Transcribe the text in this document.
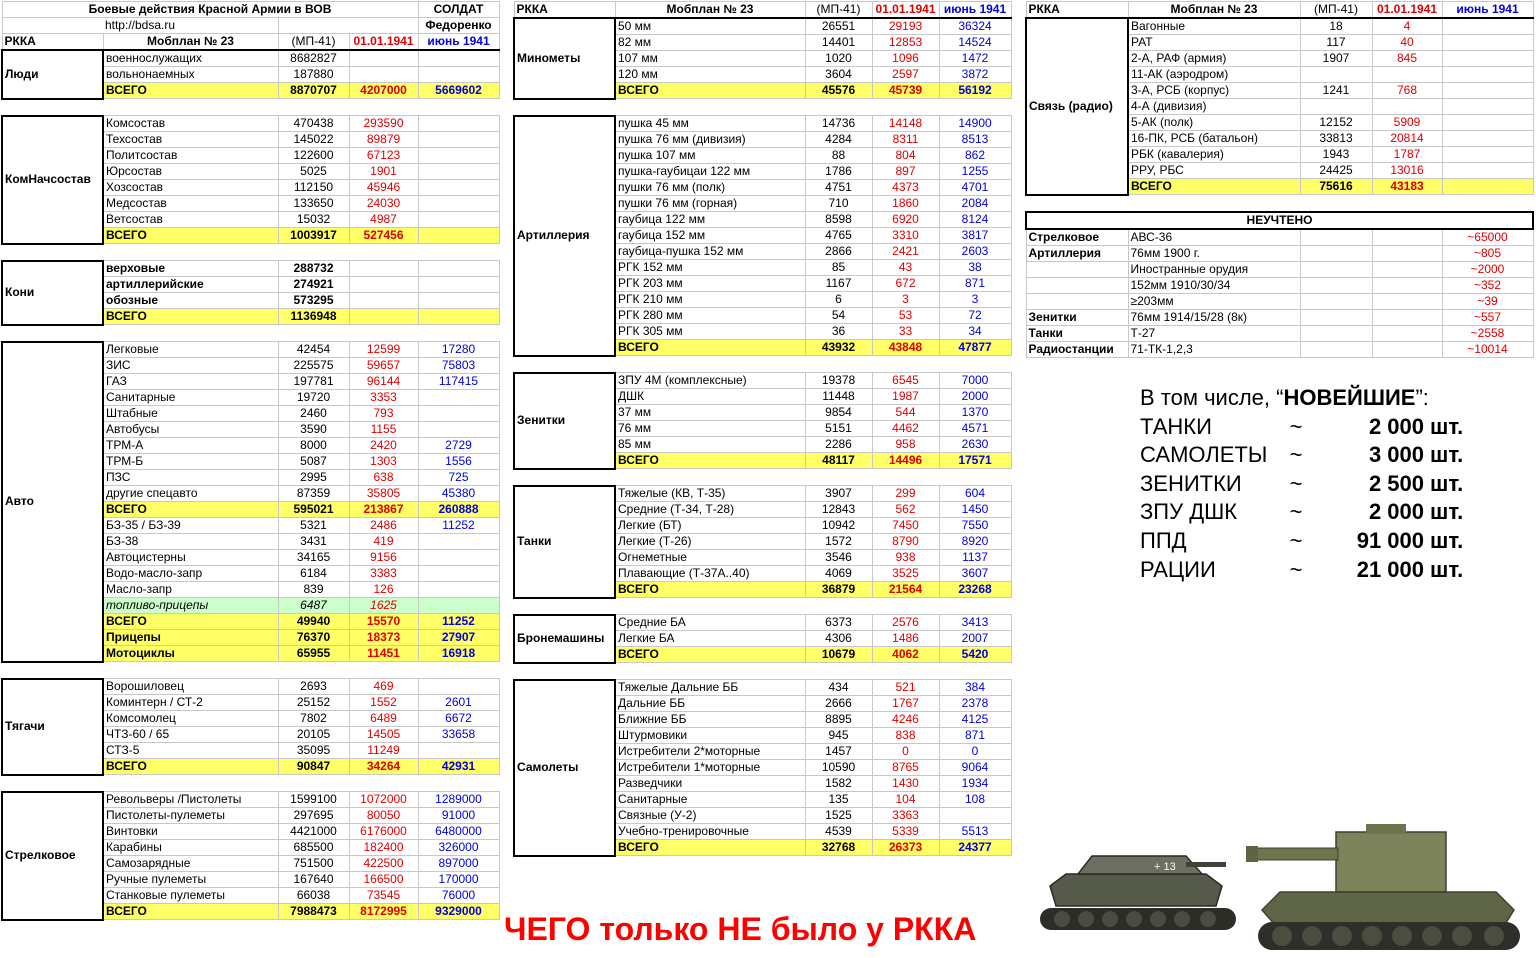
Боевые действия Красной Армии в ВОВ				СОЛДАТ
http://bdsa.ru				Федоренко
РККА	Мобплан № 23	(МП-41)	01.01.1941	июнь 1941
Люди	военнослужащих	8682827		
	вольнонаемных	187880		
	ВСЕГО	8870707	4207000	5669602

КомНачсостав	Комсостав	470438	293590	
	Техсостав	145022	89879	
	Политсостав	122600	67123	
	Юрсостав	5025	1901	
	Хозсостав	112150	45946	
	Медсостав	133650	24030	
	Ветсостав	15032	4987	
	ВСЕГО	1003917	527456	

Кони	верховые	288732		
	артиллерийские	274921		
	обозные	573295		
	ВСЕГО	1136948		

Авто	Легковые	42454	12599	17280
	ЗИС	225575	59657	75803
	ГАЗ	197781	96144	117415
	Санитарные	19720	3353	
	Штабные	2460	793	
	Автобусы	3590	1155	
	ТРМ-А	8000	2420	2729
	ТРМ-Б	5087	1303	1556
	ПЗС	2995	638	725
	другие спецавто	87359	35805	45380
	ВСЕГО	595021	213867	260888
	БЗ-35 / БЗ-39	5321	2486	11252
	БЗ-38	3431	419	
	Автоцистерны	34165	9156	
	Водо-масло-запр	6184	3383	
	Масло-запр	839	126	
	топливо-прицепы	6487	1625	
	ВСЕГО	49940	15570	11252
	Прицепы	76370	18373	27907
	Мотоциклы	65955	11451	16918

Тягачи	Ворошиловец	2693	469	
	Коминтерн / СТ-2	25152	1552	2601
	Комсомолец	7802	6489	6672
	ЧТЗ-60 / 65	20105	14505	33658
	СТЗ-5	35095	11249	
	ВСЕГО	90847	34264	42931

Стрелковое	Револьверы /Пистолеты	1599100	1072000	1289000
	Пистолеты-пулеметы	297695	80050	91000
	Винтовки	4421000	6176000	6480000
	Карабины	685500	182400	326000
	Самозарядные	751500	422500	897000
	Ручные пулеметы	167640	166500	170000
	Станковые пулеметы	66038	73545	76000
	ВСЕГО	7988473	8172995	9329000
РККА	Мобплан № 23	(МП-41)	01.01.1941	июнь 1941
Минометы	50 мм	26551	29193	36324
	82 мм	14401	12853	14524
	107 мм	1020	1096	1472
	120 мм	3604	2597	3872
	ВСЕГО	45576	45739	56192

Артиллерия	пушка 45 мм	14736	14148	14900
	пушка 76 мм (дивизия)	4284	8311	8513
	пушка 107 мм	88	804	862
	пушка-гаубицаи 122 мм	1786	897	1255
	пушки 76 мм (полк)	4751	4373	4701
	пушки 76 мм (горная)	710	1860	2084
	гаубица 122 мм	8598	6920	8124
	гаубица 152 мм	4765	3310	3817
	гаубица-пушка 152 мм	2866	2421	2603
	РГК 152 мм	85	43	38
	РГК 203 мм	1167	672	871
	РГК 210 мм	6	3	3
	РГК 280 мм	54	53	72
	РГК 305 мм	36	33	34
	ВСЕГО	43932	43848	47877

Зенитки	ЗПУ 4М (комплексные)	19378	6545	7000
	ДШК	11448	1987	2000
	37 мм	9854	544	1370
	76 мм	5151	4462	4571
	85 мм	2286	958	2630
	ВСЕГО	48117	14496	17571

Танки	Тяжелые (КВ, Т-35)	3907	299	604
	Средние (Т-34, Т-28)	12843	562	1450
	Легкие (БТ)	10942	7450	7550
	Легкие (Т-26)	1572	8790	8920
	Огнеметные	3546	938	1137
	Плавающие (Т-37А..40)	4069	3525	3607
	ВСЕГО	36879	21564	23268

Бронемашины	Средние БА	6373	2576	3413
	Легкие БА	4306	1486	2007
	ВСЕГО	10679	4062	5420

Самолеты	Тяжелые Дальние ББ	434	521	384
	Дальние ББ	2666	1767	2378
	Ближние ББ	8895	4246	4125
	Штурмовики	945	838	871
	Истребители 2*моторные	1457	0	0
	Истребители 1*моторные	10590	8765	9064
	Разведчики	1582	1430	1934
	Санитарные	135	104	108
	Связные (У-2)	1525	3363	
	Учебно-тренировочные	4539	5339	5513
	ВСЕГО	32768	26373	24377
РККА	Мобплан № 23	(МП-41)	01.01.1941	июнь 1941
Связь (радио)	Вагонные	18	4	
	РАТ	117	40	
	2-А, РАФ (армия)	1907	845	
	11-АК (аэродром)			
	3-А, РСБ (корпус)	1241	768	
	4-А (дивизия)			
	5-АК (полк)	12152	5909	
	16-ПК, РСБ (батальон)	33813	20814	
	РБК (кавалерия)	1943	1787	
	РРУ, РБС	24425	13016	
	ВСЕГО	75616	43183	

НЕУЧТЕНО				
Стрелковое	АВС-36			~65000
Артиллерия	76мм 1900 г.			~805
	Иностранные орудия			~2000
	152мм 1910/30/34			~352
	≥203мм			~39
Зенитки	76мм 1914/15/28 (8к)			~557
Танки	Т-27			~2558
Радиостанции	71-ТК-1,2,3			~10014
В том числе, “НОВЕЙШИЕ”:
ТАНКИ	~	2 000 шт.
САМОЛЕТЫ	~	3 000 шт.
ЗЕНИТКИ	~	2 500 шт.
ЗПУ ДШК	~	2 000 шт.
ППД	~	91 000 шт.
РАЦИИ	~	21 000 шт.
ЧЕГО только НЕ было у РККА
+ 13
